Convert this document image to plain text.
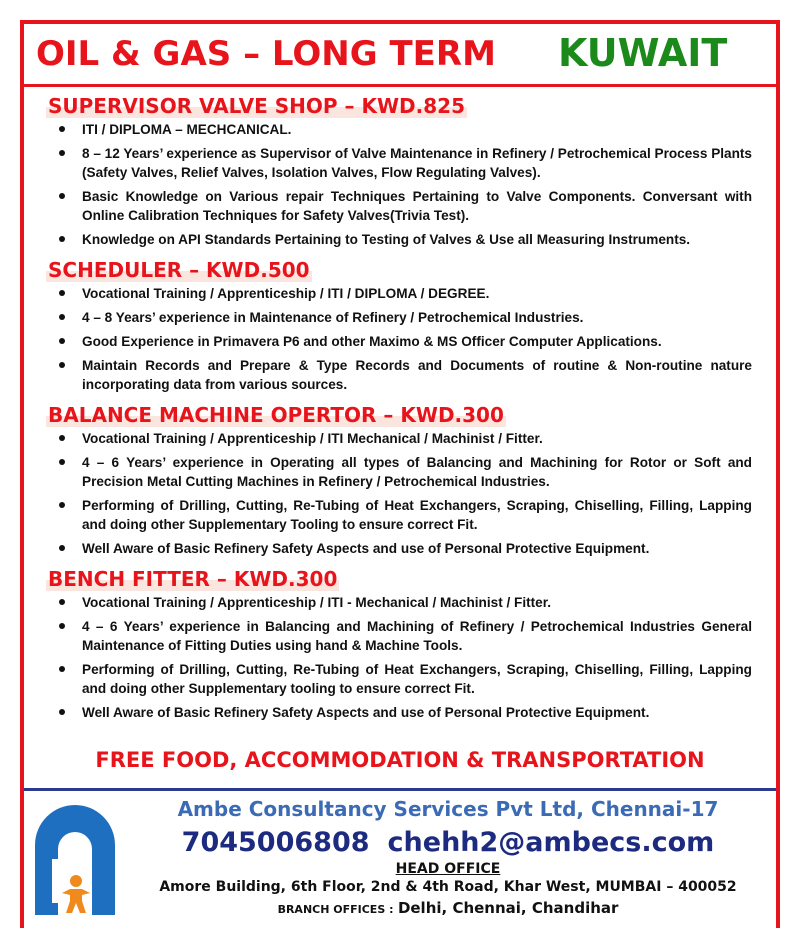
OIL & GAS – LONG TERM KUWAIT
SUPERVISOR VALVE SHOP – KWD.825
ITI / DIPLOMA – MECHCANICAL.
8 – 12 Years’ experience as Supervisor of Valve Maintenance in Refinery / Petrochemical Process Plants (Safety Valves, Relief Valves, Isolation Valves, Flow Regulating Valves).
Basic Knowledge on Various repair Techniques Pertaining to Valve Components. Conversant with Online Calibration Techniques for Safety Valves(Trivia Test).
Knowledge on API Standards Pertaining to Testing of Valves & Use all Measuring Instruments.
SCHEDULER – KWD.500
Vocational Training / Apprenticeship / ITI / DIPLOMA / DEGREE.
4 – 8 Years’ experience in Maintenance of Refinery / Petrochemical Industries.
Good Experience in Primavera P6 and other Maximo & MS Officer Computer Applications.
Maintain Records and Prepare & Type Records and Documents of routine & Non-routine nature incorporating data from various sources.
BALANCE MACHINE OPERTOR – KWD.300
Vocational Training / Apprenticeship / ITI Mechanical / Machinist / Fitter.
4 – 6 Years’ experience in Operating all types of Balancing and Machining for Rotor or Soft and Precision Metal Cutting Machines in Refinery / Petrochemical Industries.
Performing of Drilling, Cutting, Re-Tubing of Heat Exchangers, Scraping, Chiselling, Filling, Lapping and doing other Supplementary Tooling to ensure correct Fit.
Well Aware of Basic Refinery Safety Aspects and use of Personal Protective Equipment.
BENCH FITTER – KWD.300
Vocational Training / Apprenticeship / ITI - Mechanical / Machinist / Fitter.
4 – 6 Years’ experience in Balancing and Machining of Refinery / Petrochemical Industries General Maintenance of Fitting Duties using hand & Machine Tools.
Performing of Drilling, Cutting, Re-Tubing of Heat Exchangers, Scraping, Chiselling, Filling, Lapping and doing other Supplementary tooling to ensure correct Fit.
Well Aware of Basic Refinery Safety Aspects and use of Personal Protective Equipment.
FREE FOOD, ACCOMMODATION & TRANSPORTATION
Ambe Consultancy Services Pvt Ltd, Chennai-17
7045006808 chehh2@ambecs.com
HEAD OFFICE
Amore Building, 6th Floor, 2nd & 4th Road, Khar West, MUMBAI – 400052
BRANCH OFFICES : Delhi, Chennai, Chandihar
